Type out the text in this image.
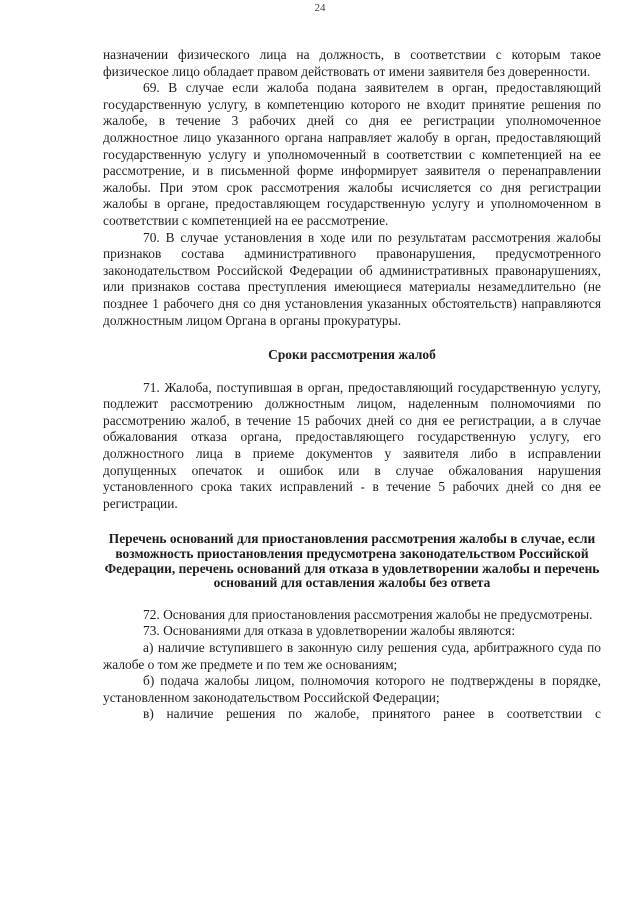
24

назначении физического лица на должность, в соответствии с которым такое физическое лицо обладает правом действовать от имени заявителя без доверенности.

69. В случае если жалоба подана заявителем в орган, предоставляющий государственную услугу, в компетенцию которого не входит принятие решения по жалобе, в течение 3 рабочих дней со дня ее регистрации уполномоченное должностное лицо указанного органа направляет жалобу в орган, предоставляющий государственную услугу и уполномоченный в соответствии с компетенцией на ее рассмотрение, и в письменной форме информирует заявителя о перенаправлении жалобы. При этом срок рассмотрения жалобы исчисляется со дня регистрации жалобы в органе, предоставляющем государственную услугу и уполномоченном в соответствии с компетенцией на ее рассмотрение.

70. В случае установления в ходе или по результатам рассмотрения жалобы признаков состава административного правонарушения, предусмотренного законодательством Российской Федерации об административных правонарушениях, или признаков состава преступления имеющиеся материалы незамедлительно (не позднее 1 рабочего дня со дня установления указанных обстоятельств) направляются должностным лицом Органа в органы прокуратуры.

Сроки рассмотрения жалоб

71. Жалоба, поступившая в орган, предоставляющий государственную услугу, подлежит рассмотрению должностным лицом, наделенным полномочиями по рассмотрению жалоб, в течение 15 рабочих дней со дня ее регистрации, а в случае обжалования отказа органа, предоставляющего государственную услугу, его должностного лица в приеме документов у заявителя либо в исправлении допущенных опечаток и ошибок или в случае обжалования нарушения установленного срока таких исправлений - в течение 5 рабочих дней со дня ее регистрации.

Перечень оснований для приостановления рассмотрения жалобы в случае, если возможность приостановления предусмотрена законодательством Российской Федерации, перечень оснований для отказа в удовлетворении жалобы и перечень оснований для оставления жалобы без ответа

72. Основания для приостановления рассмотрения жалобы не предусмотрены.

73. Основаниями для отказа в удовлетворении жалобы являются:

а) наличие вступившего в законную силу решения суда, арбитражного суда по жалобе о том же предмете и по тем же основаниям;

б) подача жалобы лицом, полномочия которого не подтверждены в порядке, установленном законодательством Российской Федерации;

в) наличие решения по жалобе, принятого ранее в соответствии с
